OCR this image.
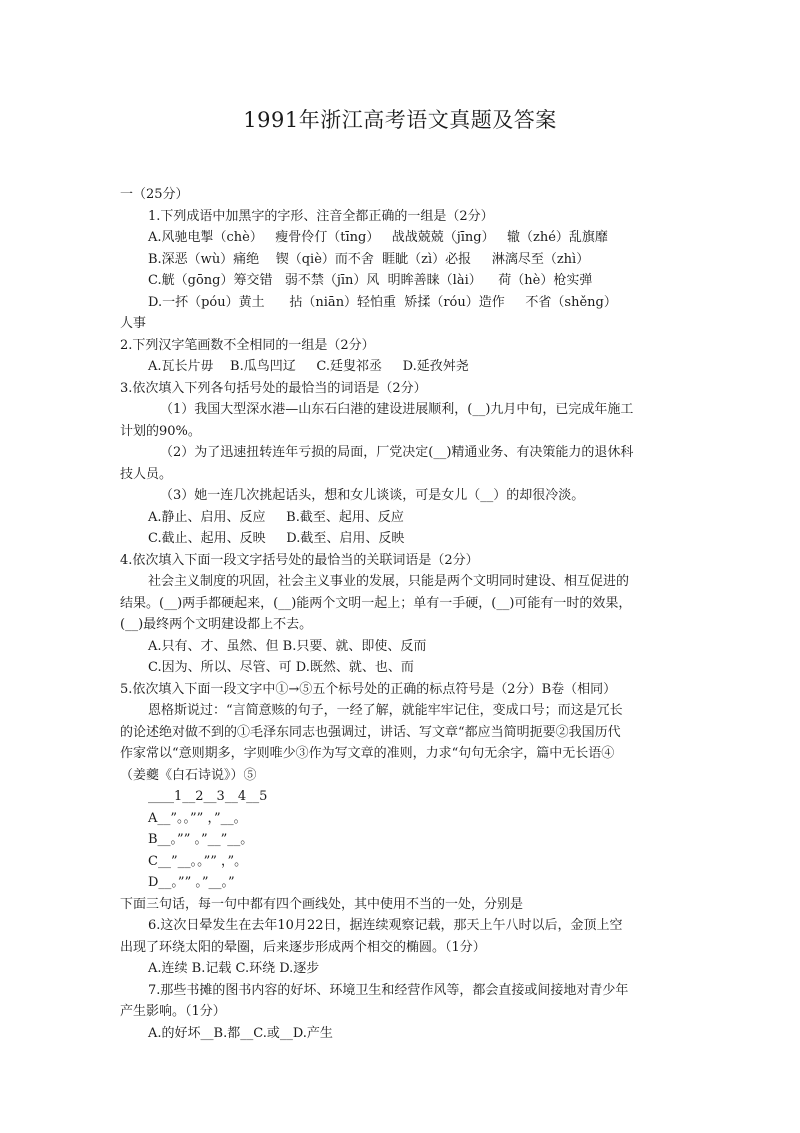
1991年浙江高考语文真题及答案
一（25分）
1.下列成语中加黑字的字形、注音全都正确的一组是（2分）
A.风驰电掣（chè）   瘦骨伶仃（tīng）   战战兢兢（jīng）   辙（zhé）乱旗靡
B.深恶（wù）痛绝    锲（qiè）而不舍  睚眦（zì）必报     淋漓尽至（zhì）
C.觥（gōng）筹交错   弱不禁（jīn）风  明眸善睐（lài）    荷（hè）枪实弹
D.一抔（póu）黄土      拈（niān）轻怕重  矫揉（róu）造作     不省（shěng）
人事
2.下列汉字笔画数不全相同的一组是（2分）
A.瓦长片毋    B.瓜鸟凹辽     C.廷叟祁丞     D.延孜舛尧
3.依次填入下列各句括号处的最恰当的词语是（2分）
（1）我国大型深水港—山东石臼港的建设进展顺利，(__)九月中旬，已完成年施工
计划的90%。
（2）为了迅速扭转连年亏损的局面，厂党决定(__)精通业务、有决策能力的退休科
技人员。
（3）她一连几次挑起话头，想和女儿谈谈，可是女儿（__）的却很冷淡。
A.静止、启用、反应     B.截至、起用、反应
C.截止、起用、反映     D.截至、启用、反映
4.依次填入下面一段文字括号处的最恰当的关联词语是（2分）
社会主义制度的巩固，社会主义事业的发展，只能是两个文明同时建设、相互促进的
结果。(__)两手都硬起来，(__)能两个文明一起上；单有一手硬，(__)可能有一时的效果，
(__)最终两个文明建设都上不去。
A.只有、才、虽然、但 B.只要、就、即使、反而
C.因为、所以、尽管、可 D.既然、就、也、而
5.依次填入下面一段文字中①→⑤五个标号处的正确的标点符号是（2分）B卷（相同）
恩格斯说过：“言简意赅的句子，一经了解，就能牢牢记住，变成口号；而这是冗长
的论述绝对做不到的①毛泽东同志也强调过，讲话、写文章“都应当简明扼要②我国历代
作家常以“意则期多，字则唯少③作为写文章的准则，力求“句句无余字，篇中无长语④
（姜夔《白石诗说》）⑤
____1__2__3__4__5
A__”。。”” ，”__。
B__。”” 。”__”__。
C__”__。。”” ，”。
D__。”” 。”__。”
下面三句话，每一句中都有四个画线处，其中使用不当的一处，分别是
6.这次日晕发生在去年10月22日，据连续观察记载，那天上午八时以后，金顶上空
出现了环绕太阳的晕圈，后来逐步形成两个相交的椭圆。（1分）
A.连续 B.记载 C.环绕 D.逐步
7.那些书摊的图书内容的好坏、环境卫生和经营作风等，都会直接或间接地对青少年
产生影响。（1分）
A.的好坏__B.都__C.或__D.产生
